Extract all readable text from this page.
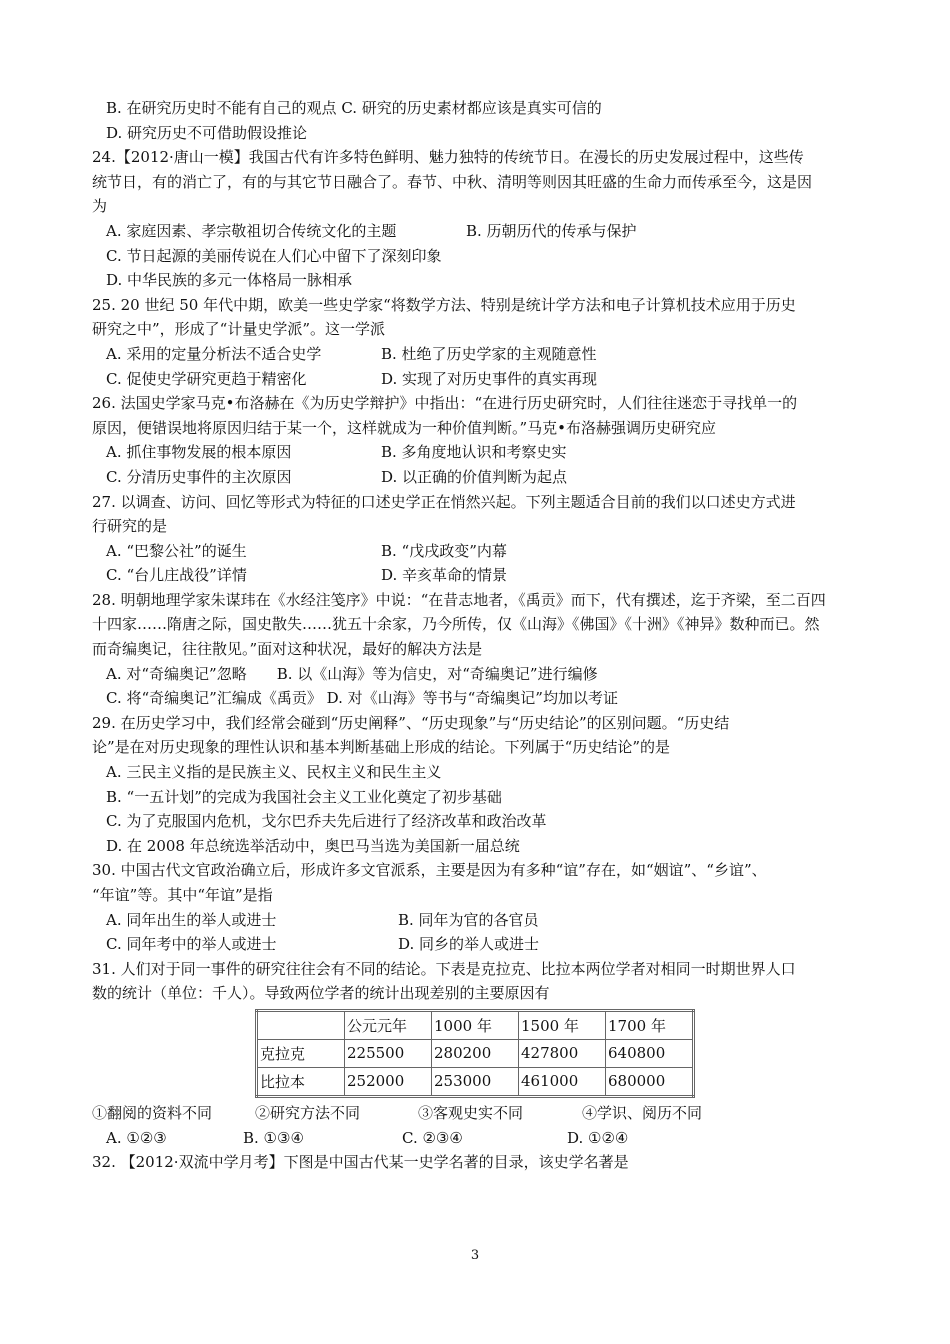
B. 在研究历史时不能有自己的观点 C. 研究的历史素材都应该是真实可信的
D. 研究历史不可借助假设推论
24.【2012·唐山一模】我国古代有许多特色鲜明、魅力独特的传统节日。在漫长的历史发展过程中，这些传
统节日，有的消亡了，有的与其它节日融合了。春节、中秋、清明等则因其旺盛的生命力而传承至今，这是因
为
A. 家庭因素、孝宗敬祖切合传统文化的主题	B. 历朝历代的传承与保护
C. 节日起源的美丽传说在人们心中留下了深刻印象
D. 中华民族的多元一体格局一脉相承
25. 20 世纪 50 年代中期，欧美一些史学家“将数学方法、特别是统计学方法和电子计算机技术应用于历史
研究之中”，形成了“计量史学派”。这一学派
A. 采用的定量分析法不适合史学	B. 杜绝了历史学家的主观随意性
C. 促使史学研究更趋于精密化	D. 实现了对历史事件的真实再现
26. 法国史学家马克•布洛赫在《为历史学辩护》中指出：“在进行历史研究时，人们往往迷恋于寻找单一的
原因，便错误地将原因归结于某一个，这样就成为一种价值判断。”马克•布洛赫强调历史研究应
A. 抓住事物发展的根本原因	B. 多角度地认识和考察史实
C. 分清历史事件的主次原因	D. 以正确的价值判断为起点
27. 以调查、访问、回忆等形式为特征的口述史学正在悄然兴起。下列主题适合目前的我们以口述史方式进
行研究的是
A. “巴黎公社”的诞生	B. “戊戌政变”内幕
C. “台儿庄战役”详情	D. 辛亥革命的情景
28. 明朝地理学家朱谋玮在《水经注笺序》中说：“在昔志地者，《禹贡》而下，代有撰述，迄于齐梁，至二百四
十四家……隋唐之际，国史散失……犹五十余家，乃今所传，仅《山海》《佛国》《十洲》《神异》数种而已。然
而奇编奥记，往往散见。”面对这种状况，最好的解决方法是
A. 对“奇编奥记”忽略　　B. 以《山海》等为信史，对“奇编奥记”进行编修
C. 将“奇编奥记”汇编成《禹贡》 D. 对《山海》等书与“奇编奥记”均加以考证
29. 在历史学习中，我们经常会碰到“历史阐释”、“历史现象”与“历史结论”的区别问题。“历史结
论”是在对历史现象的理性认识和基本判断基础上形成的结论。下列属于“历史结论”的是
A. 三民主义指的是民族主义、民权主义和民生主义
B. “一五计划”的完成为我国社会主义工业化奠定了初步基础
C. 为了克服国内危机，戈尔巴乔夫先后进行了经济改革和政治改革
D. 在 2008 年总统选举活动中，奥巴马当选为美国新一届总统
30. 中国古代文官政治确立后，形成许多文官派系，主要是因为有多种“谊”存在，如“姻谊”、“乡谊”、
“年谊”等。其中“年谊”是指
A. 同年出生的举人或进士	B. 同年为官的各官员
C. 同年考中的举人或进士	D. 同乡的举人或进士
31. 人们对于同一事件的研究往往会有不同的结论。下表是克拉克、比拉本两位学者对相同一时期世界人口
数的统计（单位：千人）。导致两位学者的统计出现差别的主要原因有
	公元元年	1000 年	1500 年	1700 年
克拉克	225500	280200	427800	640800
比拉本	252000	253000	461000	680000
①翻阅的资料不同	②研究方法不同	③客观史实不同	④学识、阅历不同
A. ①②③	B. ①③④	C. ②③④	D. ①②④
32. 【2012·双流中学月考】下图是中国古代某一史学名著的目录，该史学名著是
3
